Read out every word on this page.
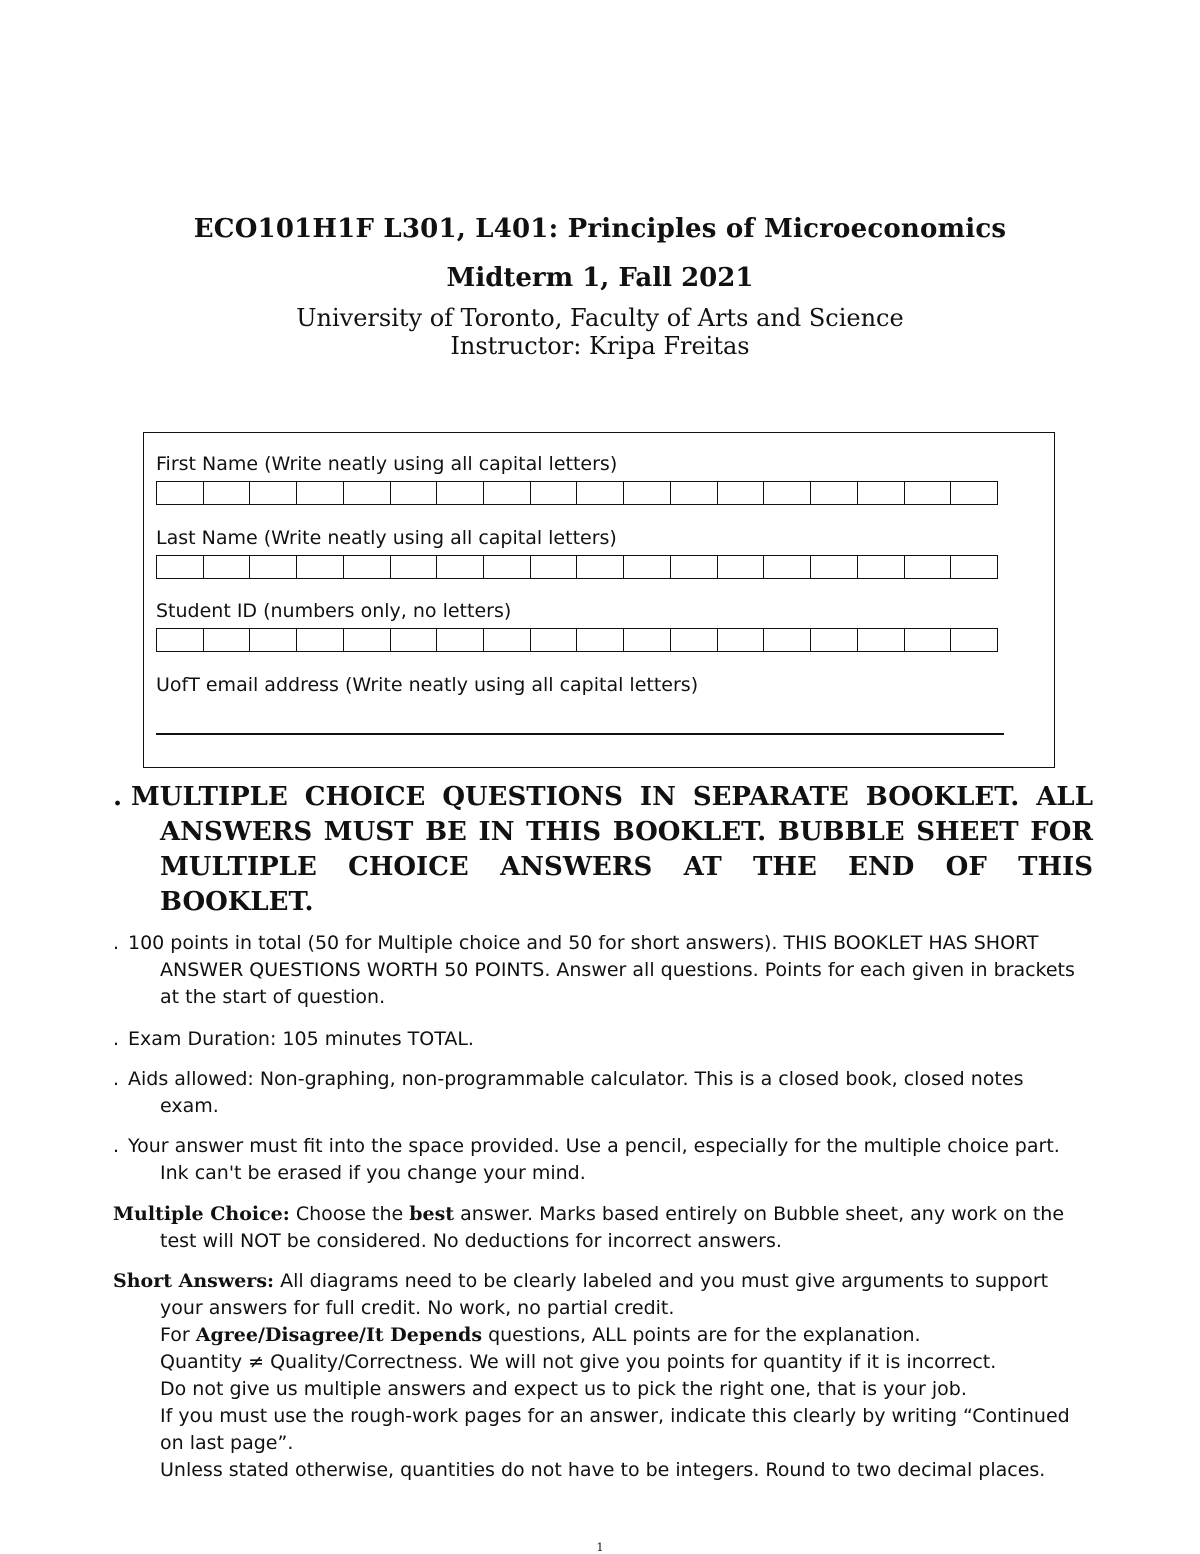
ECO101H1F L301, L401: Principles of Microeconomics
Midterm 1, Fall 2021
University of Toronto, Faculty of Arts and Science
Instructor: Kripa Freitas
First Name (Write neatly using all capital letters)
Last Name (Write neatly using all capital letters)
Student ID (numbers only, no letters)
UofT email address (Write neatly using all capital letters)
. MULTIPLE CHOICE QUESTIONS IN SEPARATE BOOKLET. ALL ANSWERS MUST BE IN THIS BOOKLET. BUBBLE SHEET FOR MULTIPLE CHOICE ANSWERS AT THE END OF THIS BOOKLET.
. 100 points in total (50 for Multiple choice and 50 for short answers). THIS BOOKLET HAS SHORT ANSWER QUESTIONS WORTH 50 POINTS. Answer all questions. Points for each given in brackets at the start of question.
. Exam Duration: 105 minutes TOTAL.
. Aids allowed: Non-graphing, non-programmable calculator. This is a closed book, closed notes exam.
. Your answer must fit into the space provided. Use a pencil, especially for the multiple choice part. Ink can't be erased if you change your mind.
Multiple Choice: Choose the best answer. Marks based entirely on Bubble sheet, any work on the test will NOT be considered. No deductions for incorrect answers.
Short Answers: All diagrams need to be clearly labeled and you must give arguments to support your answers for full credit. No work, no partial credit.
For Agree/Disagree/It Depends questions, ALL points are for the explanation.
Quantity ≠ Quality/Correctness. We will not give you points for quantity if it is incorrect.
Do not give us multiple answers and expect us to pick the right one, that is your job.
If you must use the rough-work pages for an answer, indicate this clearly by writing “Continued on last page”.
Unless stated otherwise, quantities do not have to be integers. Round to two decimal places.
1
